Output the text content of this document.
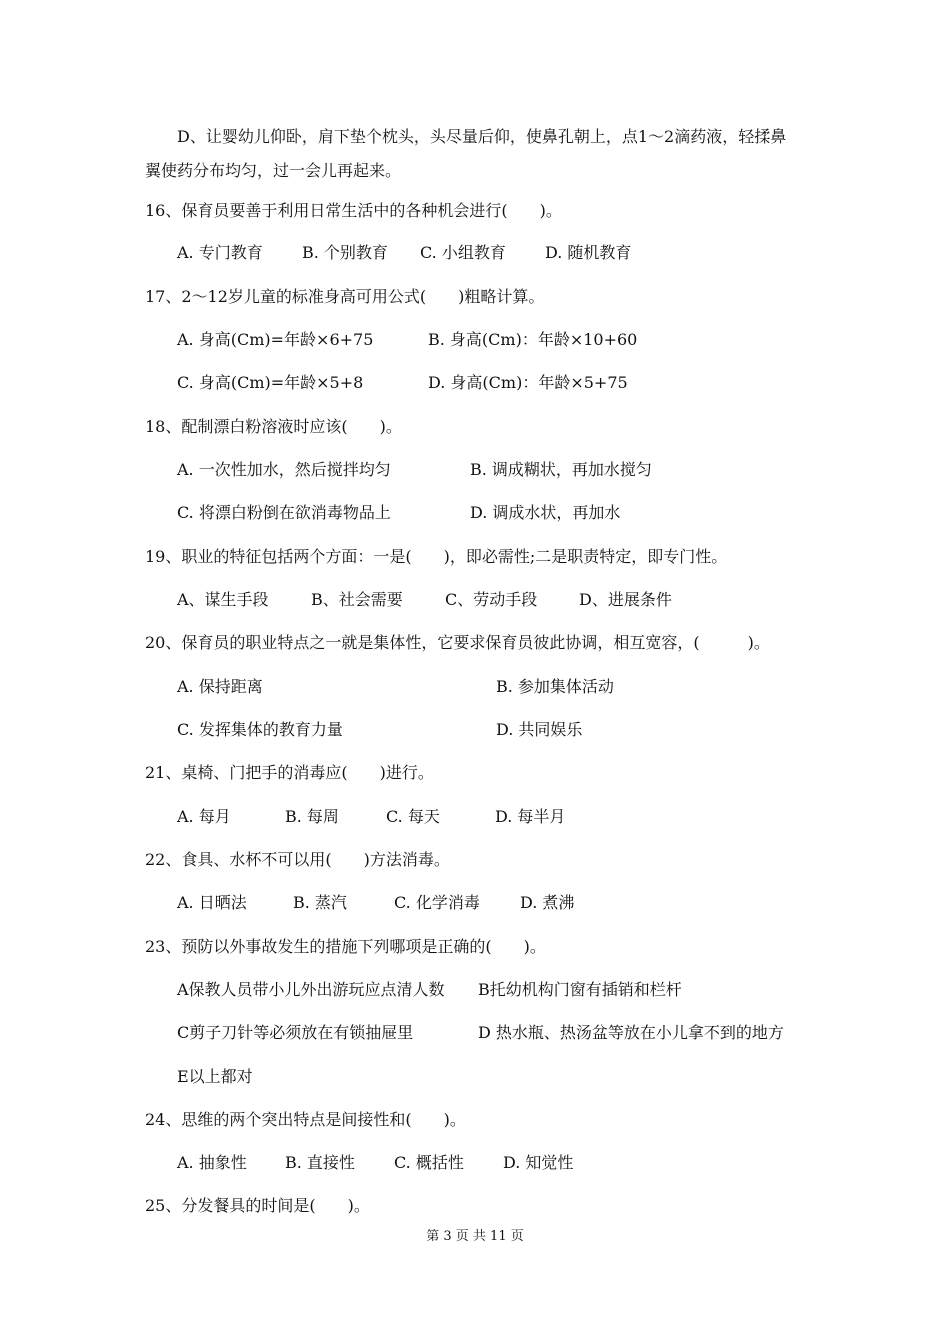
D、让婴幼儿仰卧，肩下垫个枕头，头尽量后仰，使鼻孔朝上，点1～2滴药液，轻揉鼻
翼使药分布均匀，过一会儿再起来。
16、保育员要善于利用日常生活中的各种机会进行(　　)。
A. 专门教育 B. 个别教育 C. 小组教育 D. 随机教育
17、2～12岁儿童的标准身高可用公式(　　)粗略计算。
A. 身高(Cm)=年龄×6+75	B. 身高(Cm)：年龄×10+60
C. 身高(Cm)=年龄×5+8	D. 身高(Cm)：年龄×5+75
18、配制漂白粉溶液时应该(　　)。
A. 一次性加水，然后搅拌均匀	B. 调成糊状，再加水搅匀
C. 将漂白粉倒在欲消毒物品上	D. 调成水状，再加水
19、职业的特征包括两个方面：一是(　　)，即必需性;二是职责特定，即专门性。
A、谋生手段	B、社会需要	C、劳动手段	D、进展条件
20、保育员的职业特点之一就是集体性，它要求保育员彼此协调，相互宽容，(　　　)。
A. 保持距离	B. 参加集体活动
C. 发挥集体的教育力量	D. 共同娱乐
21、桌椅、门把手的消毒应(　　)进行。
A. 每月	B. 每周	C. 每天	D. 每半月
22、食具、水杯不可以用(　　)方法消毒。
A. 日晒法	B. 蒸汽	C. 化学消毒	D. 煮沸
23、预防以外事故发生的措施下列哪项是正确的(　　)。
A保教人员带小儿外出游玩应点清人数 B托幼机构门窗有插销和栏杆
C剪子刀针等必须放在有锁抽屉里	D 热水瓶、热汤盆等放在小儿拿不到的地方
E以上都对
24、思维的两个突出特点是间接性和(　　)。
A. 抽象性 B. 直接性 C. 概括性 D. 知觉性
25、分发餐具的时间是(　　)。
第 3 页 共 11 页
